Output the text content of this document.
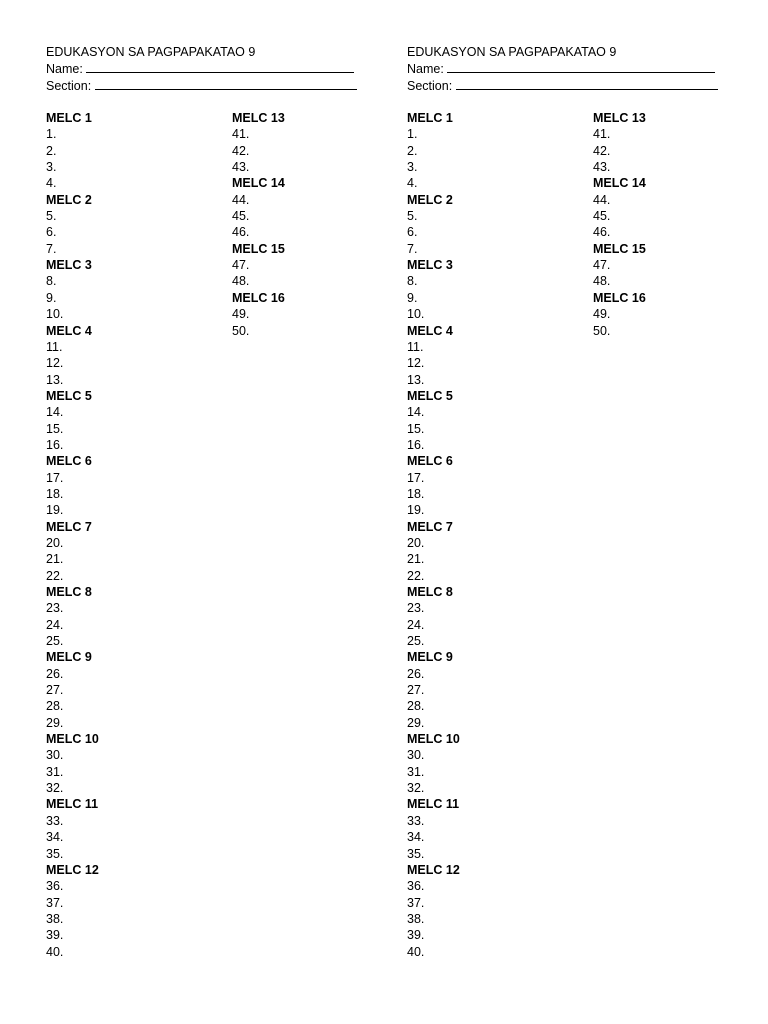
EDUKASYON SA PAGPAPAKATAO 9
Name:
Section:
MELC 1
1.
2.
3.
4.
MELC 2
5.
6.
7.
MELC 3
8.
9.
10.
MELC 4
11.
12.
13.
MELC 5
14.
15.
16.
MELC 6
17.
18.
19.
MELC 7
20.
21.
22.
MELC 8
23.
24.
25.
MELC 9
26.
27.
28.
29.
MELC 10
30.
31.
32.
MELC 11
33.
34.
35.
MELC 12
36.
37.
38.
39.
40.
MELC 13
41.
42.
43.
MELC 14
44.
45.
46.
MELC 15
47.
48.
MELC 16
49.
50.
EDUKASYON SA PAGPAPAKATAO 9
Name:
Section:
MELC 1
1.
2.
3.
4.
MELC 2
5.
6.
7.
MELC 3
8.
9.
10.
MELC 4
11.
12.
13.
MELC 5
14.
15.
16.
MELC 6
17.
18.
19.
MELC 7
20.
21.
22.
MELC 8
23.
24.
25.
MELC 9
26.
27.
28.
29.
MELC 10
30.
31.
32.
MELC 11
33.
34.
35.
MELC 12
36.
37.
38.
39.
40.
MELC 13
41.
42.
43.
MELC 14
44.
45.
46.
MELC 15
47.
48.
MELC 16
49.
50.
